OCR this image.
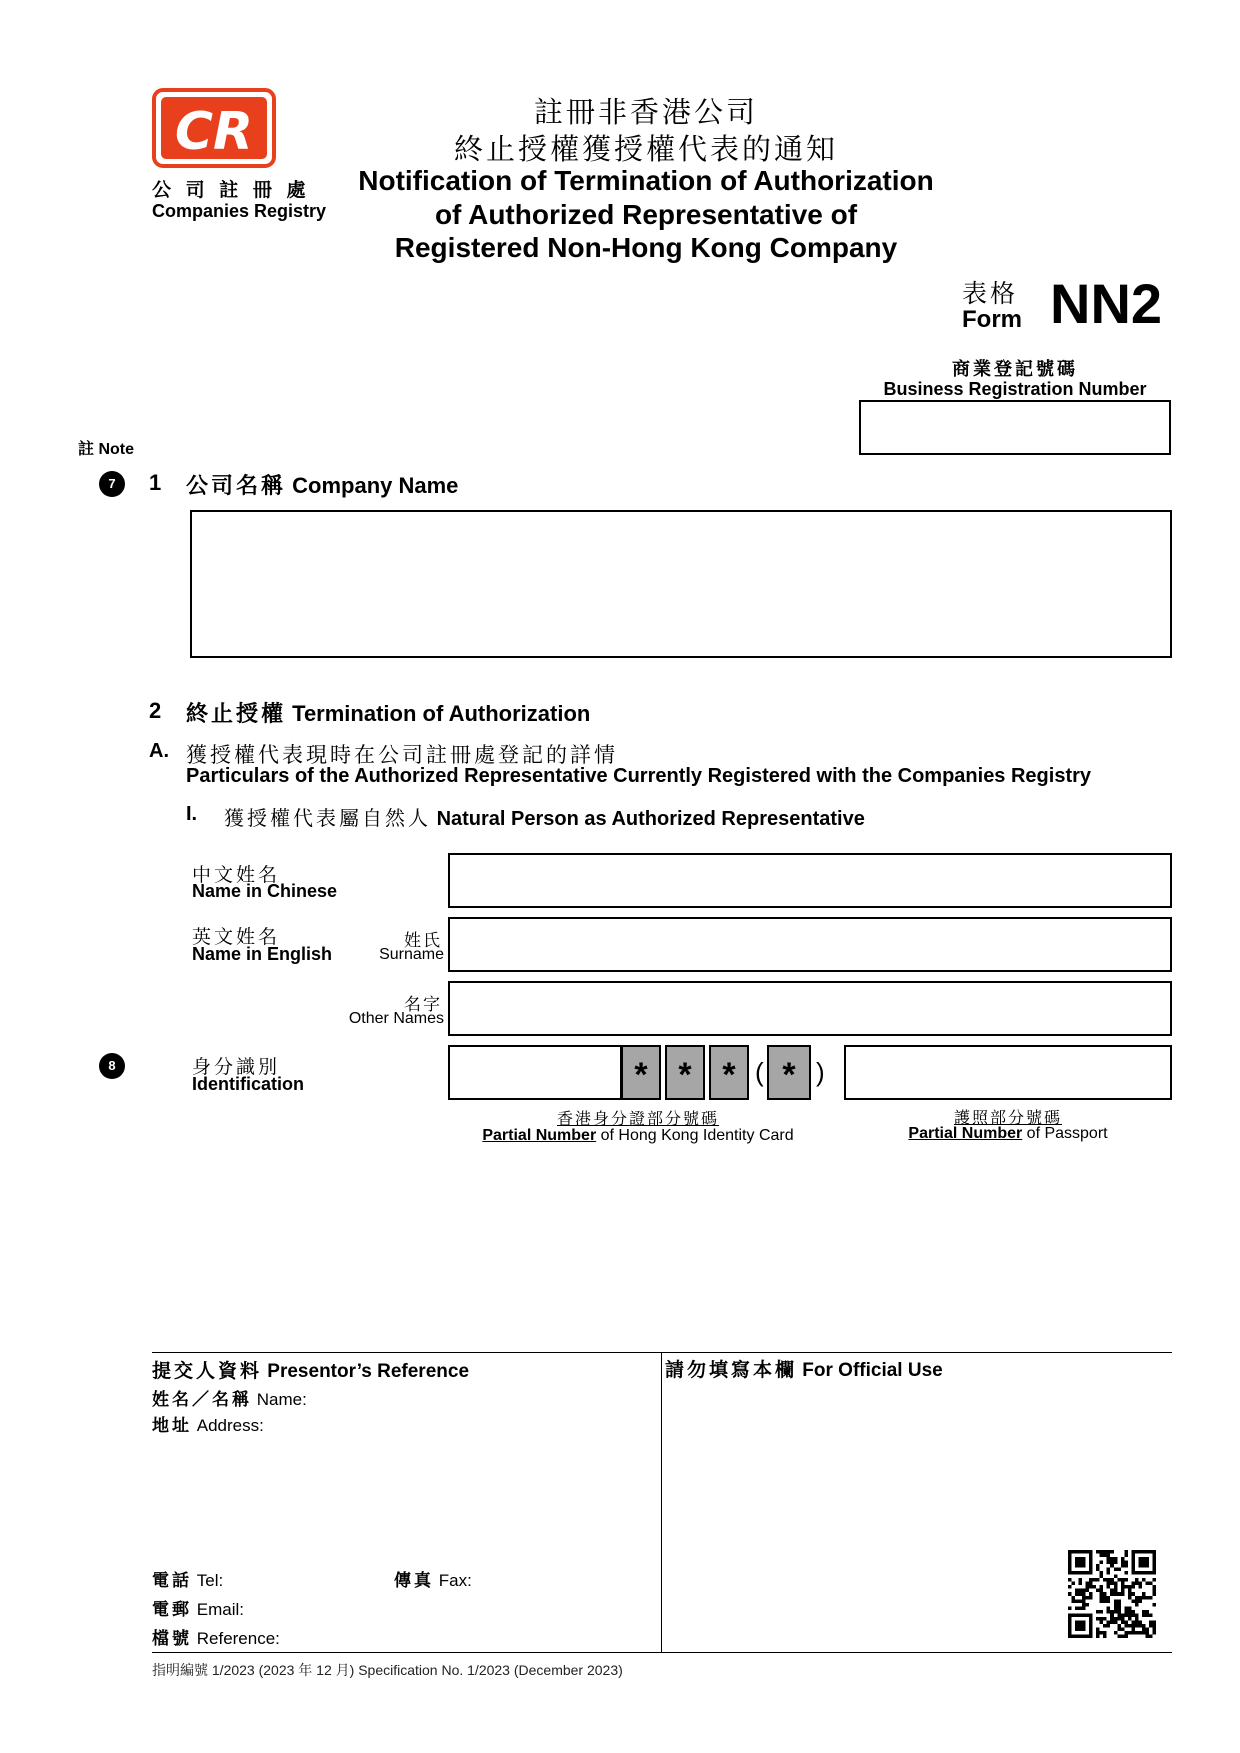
CR
公 司 註 冊 處
Companies Registry
註冊非香港公司
終止授權獲授權代表的通知
Notification of Termination of Authorization
of Authorized Representative of
Registered Non-Hong Kong Company
表格
Form NN2
商業登記號碼
Business Registration Number
註 Note
7	1 公司名稱 Company Name
2 終止授權 Termination of Authorization
A. 獲授權代表現時在公司註冊處登記的詳情
Particulars of the Authorized Representative Currently Registered with the Companies Registry
I. 獲授權代表屬自然人 Natural Person as Authorized Representative
中文姓名
Name in Chinese
英文姓名
Name in English
姓氏
Surname
名字
Other Names
8	身分識別
Identification	* * * ( * )
香港身分證部分號碼
Partial Number of Hong Kong Identity Card
護照部分號碼
Partial Number of Passport
提交人資料 Presentor’s Reference
姓名／名稱 Name:
地址 Address:
電話 Tel:	傳真 Fax:
電郵 Email:
檔號 Reference:
請勿填寫本欄 For Official Use
指明編號 1/2023 (2023 年 12 月) Specification No. 1/2023 (December 2023)
